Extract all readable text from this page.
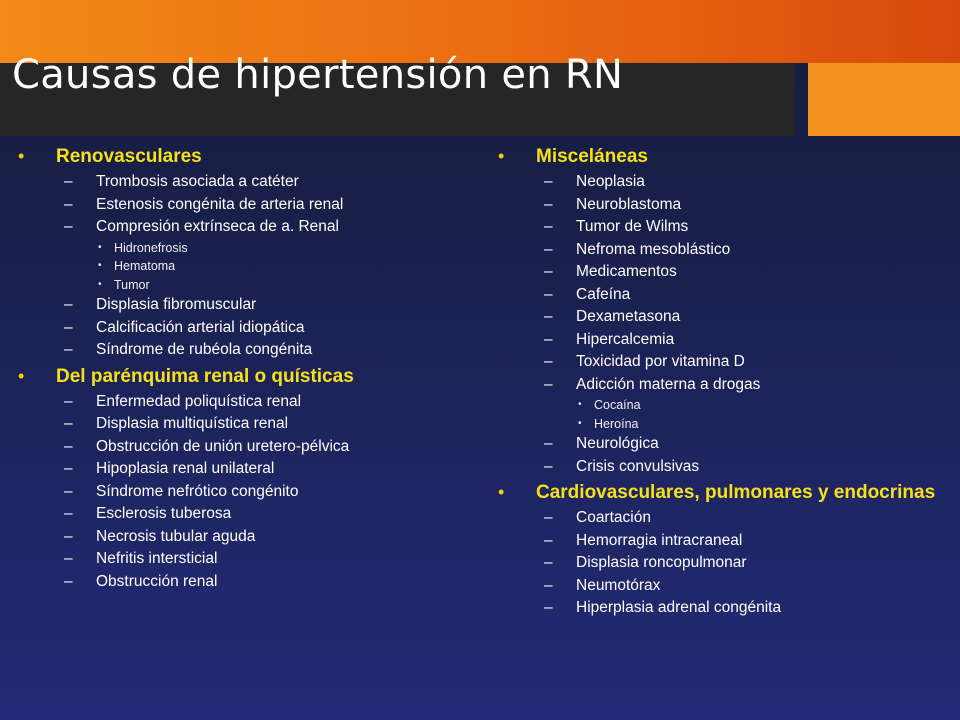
Causas de hipertensión en RN
• Renovasculares
– Trombosis asociada a catéter
– Estenosis congénita de arteria renal
– Compresión extrínseca de a. Renal
• Hidronefrosis
• Hematoma
• Tumor
– Displasia fibromuscular
– Calcificación arterial idiopática
– Síndrome de rubéola congénita
• Del parénquima renal o quísticas
– Enfermedad poliquística renal
– Displasia multiquística renal
– Obstrucción de unión uretero-pélvica
– Hipoplasia renal unilateral
– Síndrome nefrótico congénito
– Esclerosis tuberosa
– Necrosis tubular aguda
– Nefritis intersticial
– Obstrucción renal
• Misceláneas
– Neoplasia
– Neuroblastoma
– Tumor de Wilms
– Nefroma mesoblástico
– Medicamentos
– Cafeína
– Dexametasona
– Hipercalcemia
– Toxicidad por vitamina D
– Adicción materna a drogas
• Cocaína
• Heroína
– Neurológica
– Crisis convulsivas
• Cardiovasculares, pulmonares y endocrinas
– Coartación
– Hemorragia intracraneal
– Displasia roncopulmonar
– Neumotórax
– Hiperplasia adrenal congénita
